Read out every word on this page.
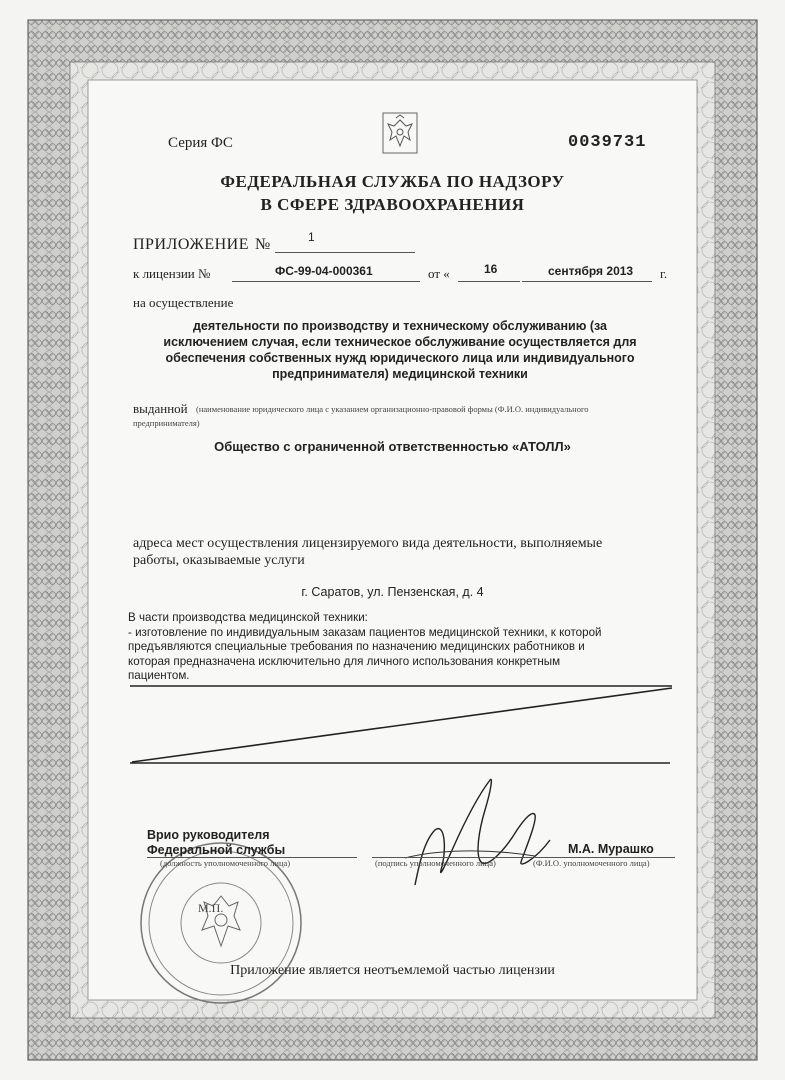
Серия ФС	0039731
ФЕДЕРАЛЬНАЯ СЛУЖБА ПО НАДЗОРУ
В СФЕРЕ ЗДРАВООХРАНЕНИЯ
ПРИЛОЖЕНИЕ №	1
к лицензии №	ФС-99-04-000361	от «	16	сентября 2013 г.
на осуществление
деятельности по производству и техническому обслуживанию (за
исключением случая, если техническое обслуживание осуществляется для
обеспечения собственных нужд юридического лица или индивидуального
предпринимателя) медицинской техники
выданной (наименование юридического лица с указанием организационно-правовой формы (Ф.И.О. индивидуального
предпринимателя)
Общество с ограниченной ответственностью «АТОЛЛ»
адреса мест осуществления лицензируемого вида деятельности, выполняемые
работы, оказываемые услуги
г. Саратов, ул. Пензенская, д. 4
В части производства медицинской техники:
- изготовление по индивидуальным заказам пациентов медицинской техники, к которой
предъявляются специальные требования по назначению медицинских работников и
которая предназначена исключительно для личного использования конкретным
пациентом.
М.П.
Врио руководителя
Федеральной службы
(должность уполномоченного лица)	(подпись уполномоченного лица)
М.А. Мурашко
(Ф.И.О. уполномоченного лица)
Приложение является неотъемлемой частью лицензии
